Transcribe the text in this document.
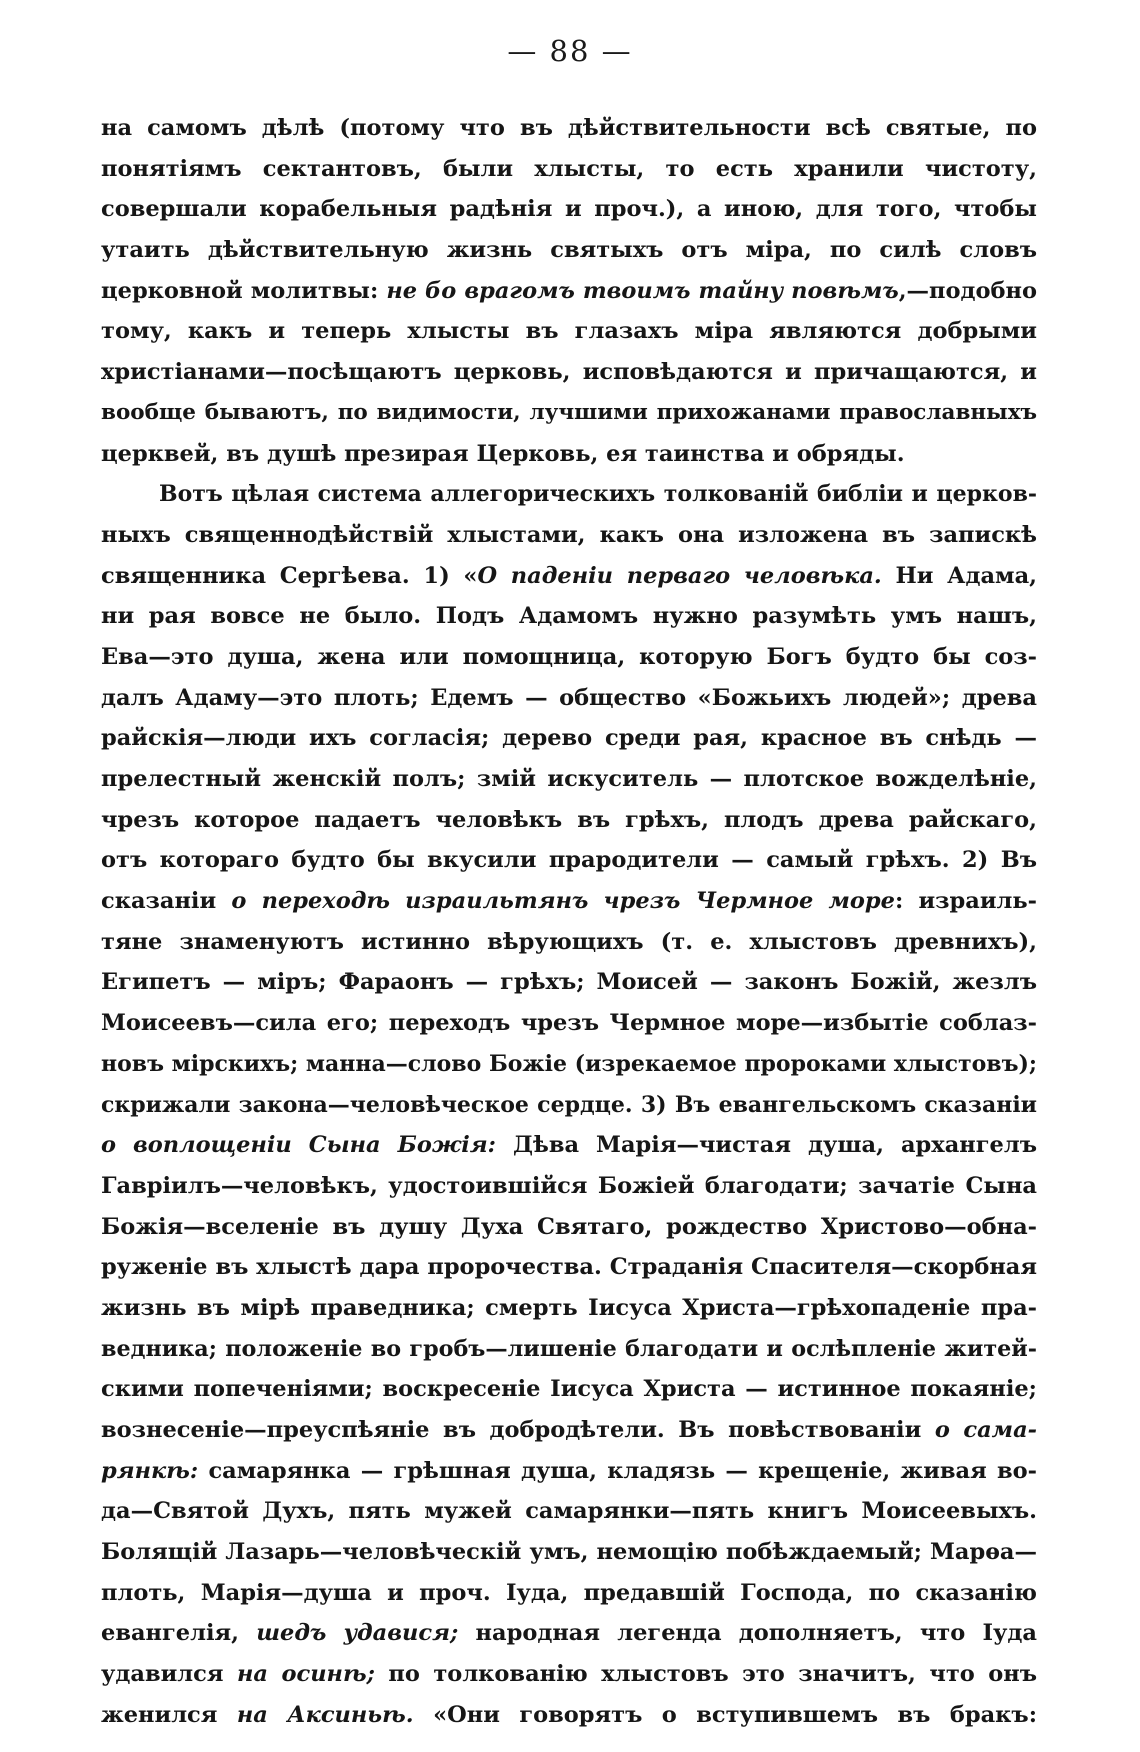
— 88 —
на самомъ дѣлѣ (потому что въ дѣйствительности всѣ святые, по
понятіямъ сектантовъ, были хлысты, то есть хранили чистоту,
совершали корабельныя радѣнія и проч.), а иною, для того, чтобы
утаить дѣйствительную жизнь святыхъ отъ міра, по силѣ словъ
церковной молитвы: не бо врагомъ твоимъ тайну повѣмъ,—подобно
тому, какъ и теперь хлысты въ глазахъ міра являются добрыми
христіанами—посѣщаютъ церковь, исповѣдаются и причащаются, и
вообще бываютъ, по видимости, лучшими прихожанами православныхъ
церквей, въ душѣ презирая Церковь, ея таинства и обряды.
Вотъ цѣлая система аллегорическихъ толкованій библіи и церков-
ныхъ священнодѣйствій хлыстами, какъ она изложена въ запискѣ
священника Сергѣева. 1) «О паденіи перваго человѣка. Ни Адама,
ни рая вовсе не было. Подъ Адамомъ нужно разумѣть умъ нашъ,
Ева—это душа, жена или помощница, которую Богъ будто бы соз-
далъ Адаму—это плоть; Едемъ — общество «Божьихъ людей»; древа
райскія—люди ихъ согласія; дерево среди рая, красное въ снѣдь —
прелестный женскій полъ; змій искуситель — плотское вожделѣніе,
чрезъ которое падаетъ человѣкъ въ грѣхъ, плодъ древа райскаго,
отъ котораго будто бы вкусили прародители — самый грѣхъ. 2) Въ
сказаніи о переходѣ израильтянъ чрезъ Чермное море: израиль-
тяне знаменуютъ истинно вѣрующихъ (т. е. хлыстовъ древнихъ),
Египетъ — міръ; Фараонъ — грѣхъ; Моисей — законъ Божій, жезлъ
Моисеевъ—сила его; переходъ чрезъ Чермное море—избытіе соблаз-
новъ мірскихъ; манна—слово Божіе (изрекаемое пророками хлыстовъ);
скрижали закона—человѣческое сердце. 3) Въ евангельскомъ сказаніи
о воплощеніи Сына Божія: Дѣва Марія—чистая душа, архангелъ
Гавріилъ—человѣкъ, удостоившійся Божіей благодати; зачатіе Сына
Божія—вселеніе въ душу Духа Святаго, рождество Христово—обна-
руженіе въ хлыстѣ дара пророчества. Страданія Спасителя—скорбная
жизнь въ мірѣ праведника; смерть Іисуса Христа—грѣхопаденіе пра-
ведника; положеніе во гробъ—лишеніе благодати и ослѣпленіе житей-
скими попеченіями; воскресеніе Іисуса Христа — истинное покаяніе;
вознесеніе—преуспѣяніе въ добродѣтели. Въ повѣствованіи о сама-
рянкѣ: самарянка — грѣшная душа, кладязь — крещеніе, живая во-
да—Святой Духъ, пять мужей самарянки—пять книгъ Моисеевыхъ.
Болящій Лазарь—человѣческій умъ, немощію побѣждаемый; Марѳа—
плоть, Марія—душа и проч. Іуда, предавшій Господа, по сказанію
евангелія, шедъ удавися; народная легенда дополняетъ, что Іуда
удавился на осинѣ; по толкованію хлыстовъ это значитъ, что онъ
женился на Аксиньѣ. «Они говорятъ о вступившемъ въ бракъ:
